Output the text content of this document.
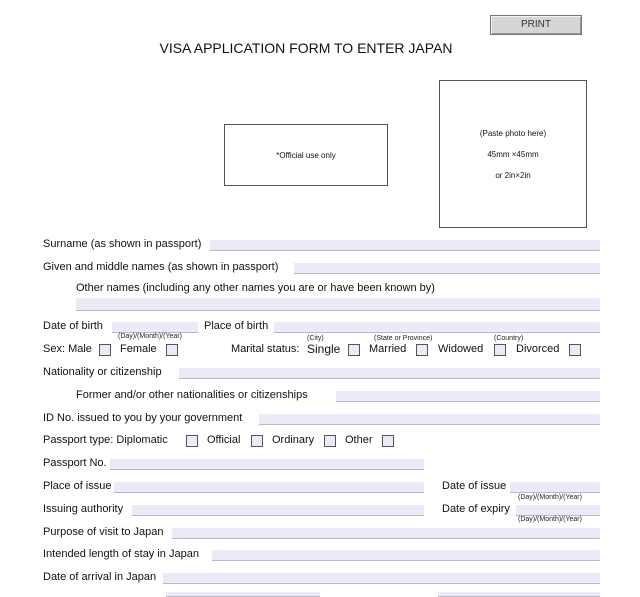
PRINT
VISA APPLICATION FORM TO ENTER JAPAN
*Official use only
(Paste photo here)
45mm ×45mm
or 2in×2in
Surname (as shown in passport)
Given and middle names (as shown in passport)
Other names (including any other names you are or have been known by)
Date of birth
(Day)/(Month)/(Year)
Place of birth
(City)	(State or Province)	(Country)
Sex: Male	Female	Marital status: Single	Married	Widowed	Divorced
Nationality or citizenship
Former and/or other nationalities or citizenships
ID No. issued to you by your government
Passport type: Diplomatic	Official	Ordinary	Other
Passport No.
Place of issue	Date of issue
(Day)/(Month)/(Year)
Issuing authority	Date of expiry
(Day)/(Month)/(Year)
Purpose of visit to Japan
Intended length of stay in Japan
Date of arrival in Japan
